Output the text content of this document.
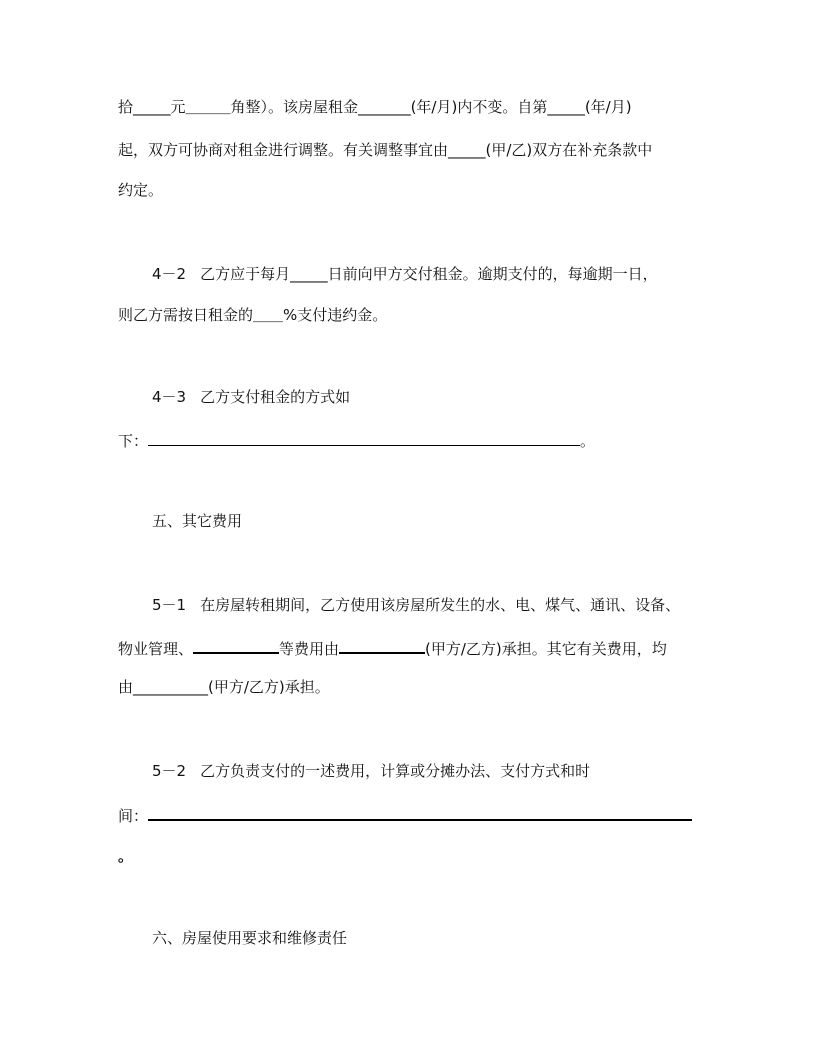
拾_____元＿＿＿角整）。该房屋租金_______(年/月)内不变。自第_____(年/月)
起，双方可协商对租金进行调整。有关调整事宜由_____(甲/乙)双方在补充条款中
约定。
4－2 乙方应于每月_____日前向甲方交付租金。逾期支付的，每逾期一日，
则乙方需按日租金的＿＿%支付违约金。
4－3 乙方支付租金的方式如
下：	。
五、其它费用
5－1 在房屋转租期间，乙方使用该房屋所发生的水、电、煤气、通讯、设备、
物业管理、	等费用由	(甲方/乙方)承担。其它有关费用，均
由__________(甲方/乙方)承担。
5－2 乙方负责支付的一述费用，计算或分摊办法、支付方式和时
间：
。
六、房屋使用要求和维修责任
